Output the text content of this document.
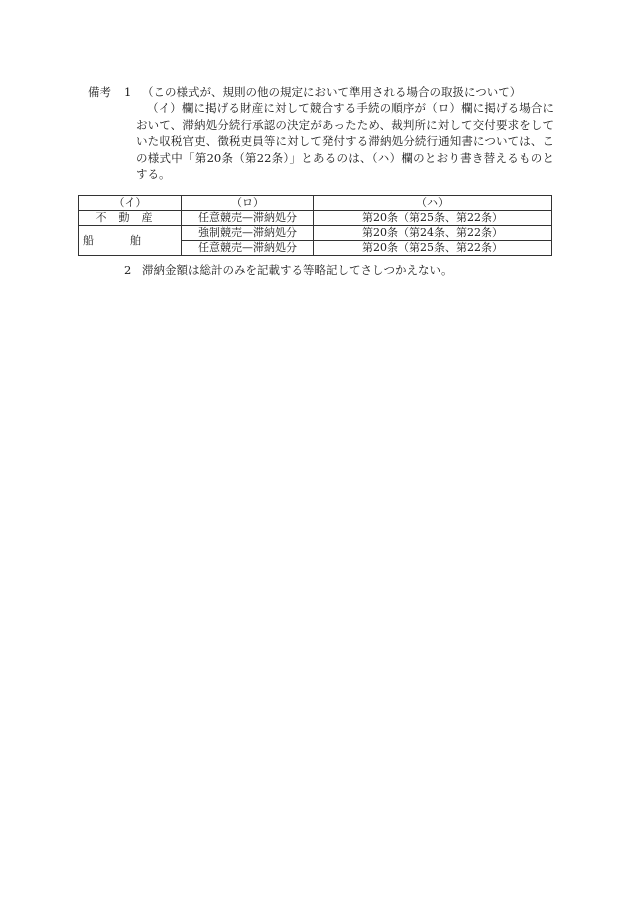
備考 1 （この様式が、規則の他の規定において準用される場合の取扱について）
（イ）欄に掲げる財産に対して競合する手続の順序が（ロ）欄に掲げる場合において、滞納処分続行承認の決定があったため、裁判所に対して交付要求をしていた収税官吏、徴税吏員等に対して発付する滞納処分続行通知書については、この様式中「第20条（第22条）」とあるのは、（ハ）欄のとおり書き替えるものとする。
（イ）	（ロ）	（ハ）
不動産	任意競売—滞納処分	第20条（第25条、第22条）
船舶	強制競売—滞納処分	第20条（第24条、第22条）
	任意競売—滞納処分	第20条（第25条、第22条）
2 滞納金額は総計のみを記載する等略記してさしつかえない。
